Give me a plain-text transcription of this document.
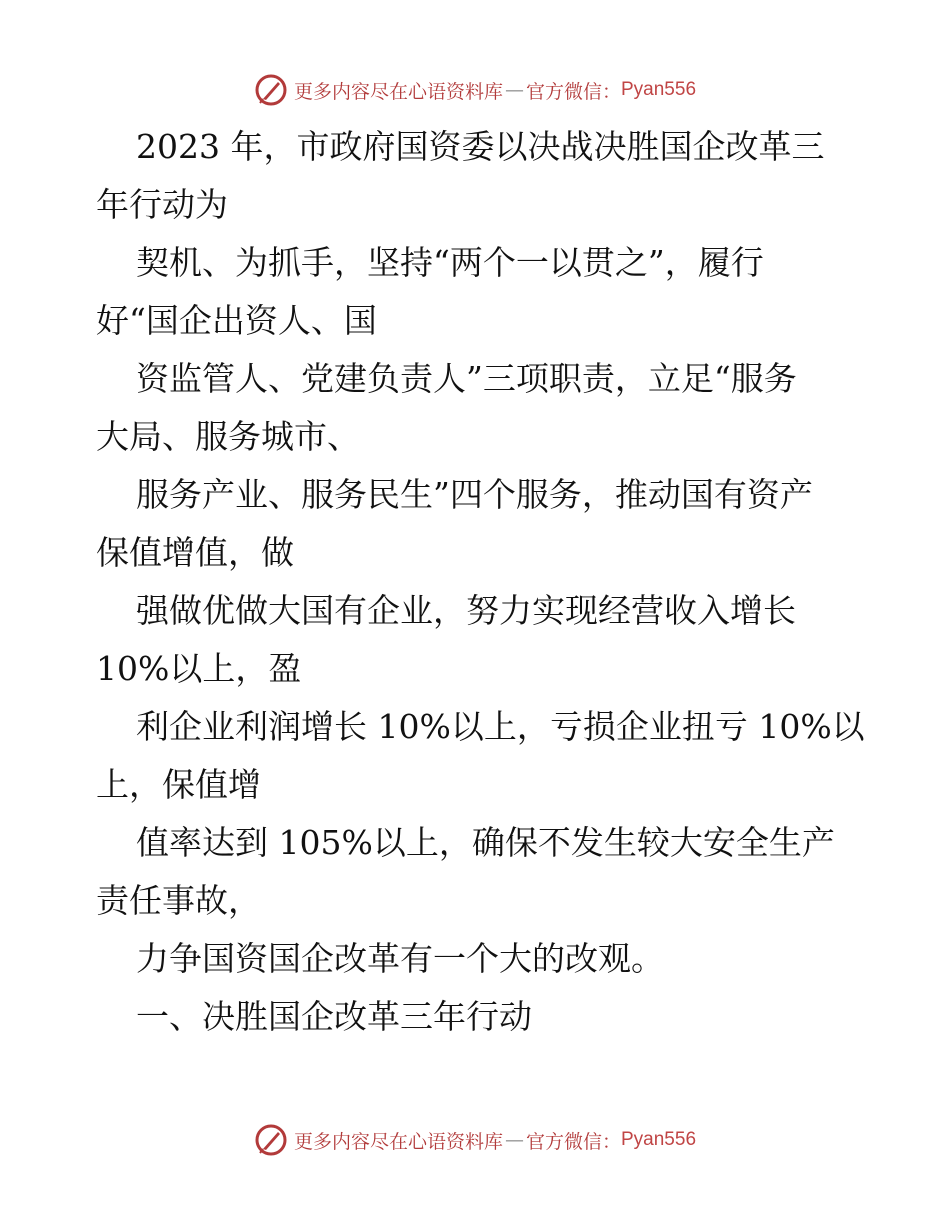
更多内容尽在心语资料库 — 官方微信： Pyan556
2023 年，市政府国资委以决战决胜国企改革三
年行动为
契机、为抓手，坚持“两个一以贯之”，履行
好“国企出资人、国
资监管人、党建负责人”三项职责，立足“服务
大局、服务城市、
服务产业、服务民生”四个服务，推动国有资产
保值增值，做
强做优做大国有企业，努力实现经营收入增长
10%以上，盈
利企业利润增长 10%以上，亏损企业扭亏 10%以
上，保值增
值率达到 105%以上，确保不发生较大安全生产
责任事故，
力争国资国企改革有一个大的改观。
一、决胜国企改革三年行动
更多内容尽在心语资料库 — 官方微信： Pyan556
